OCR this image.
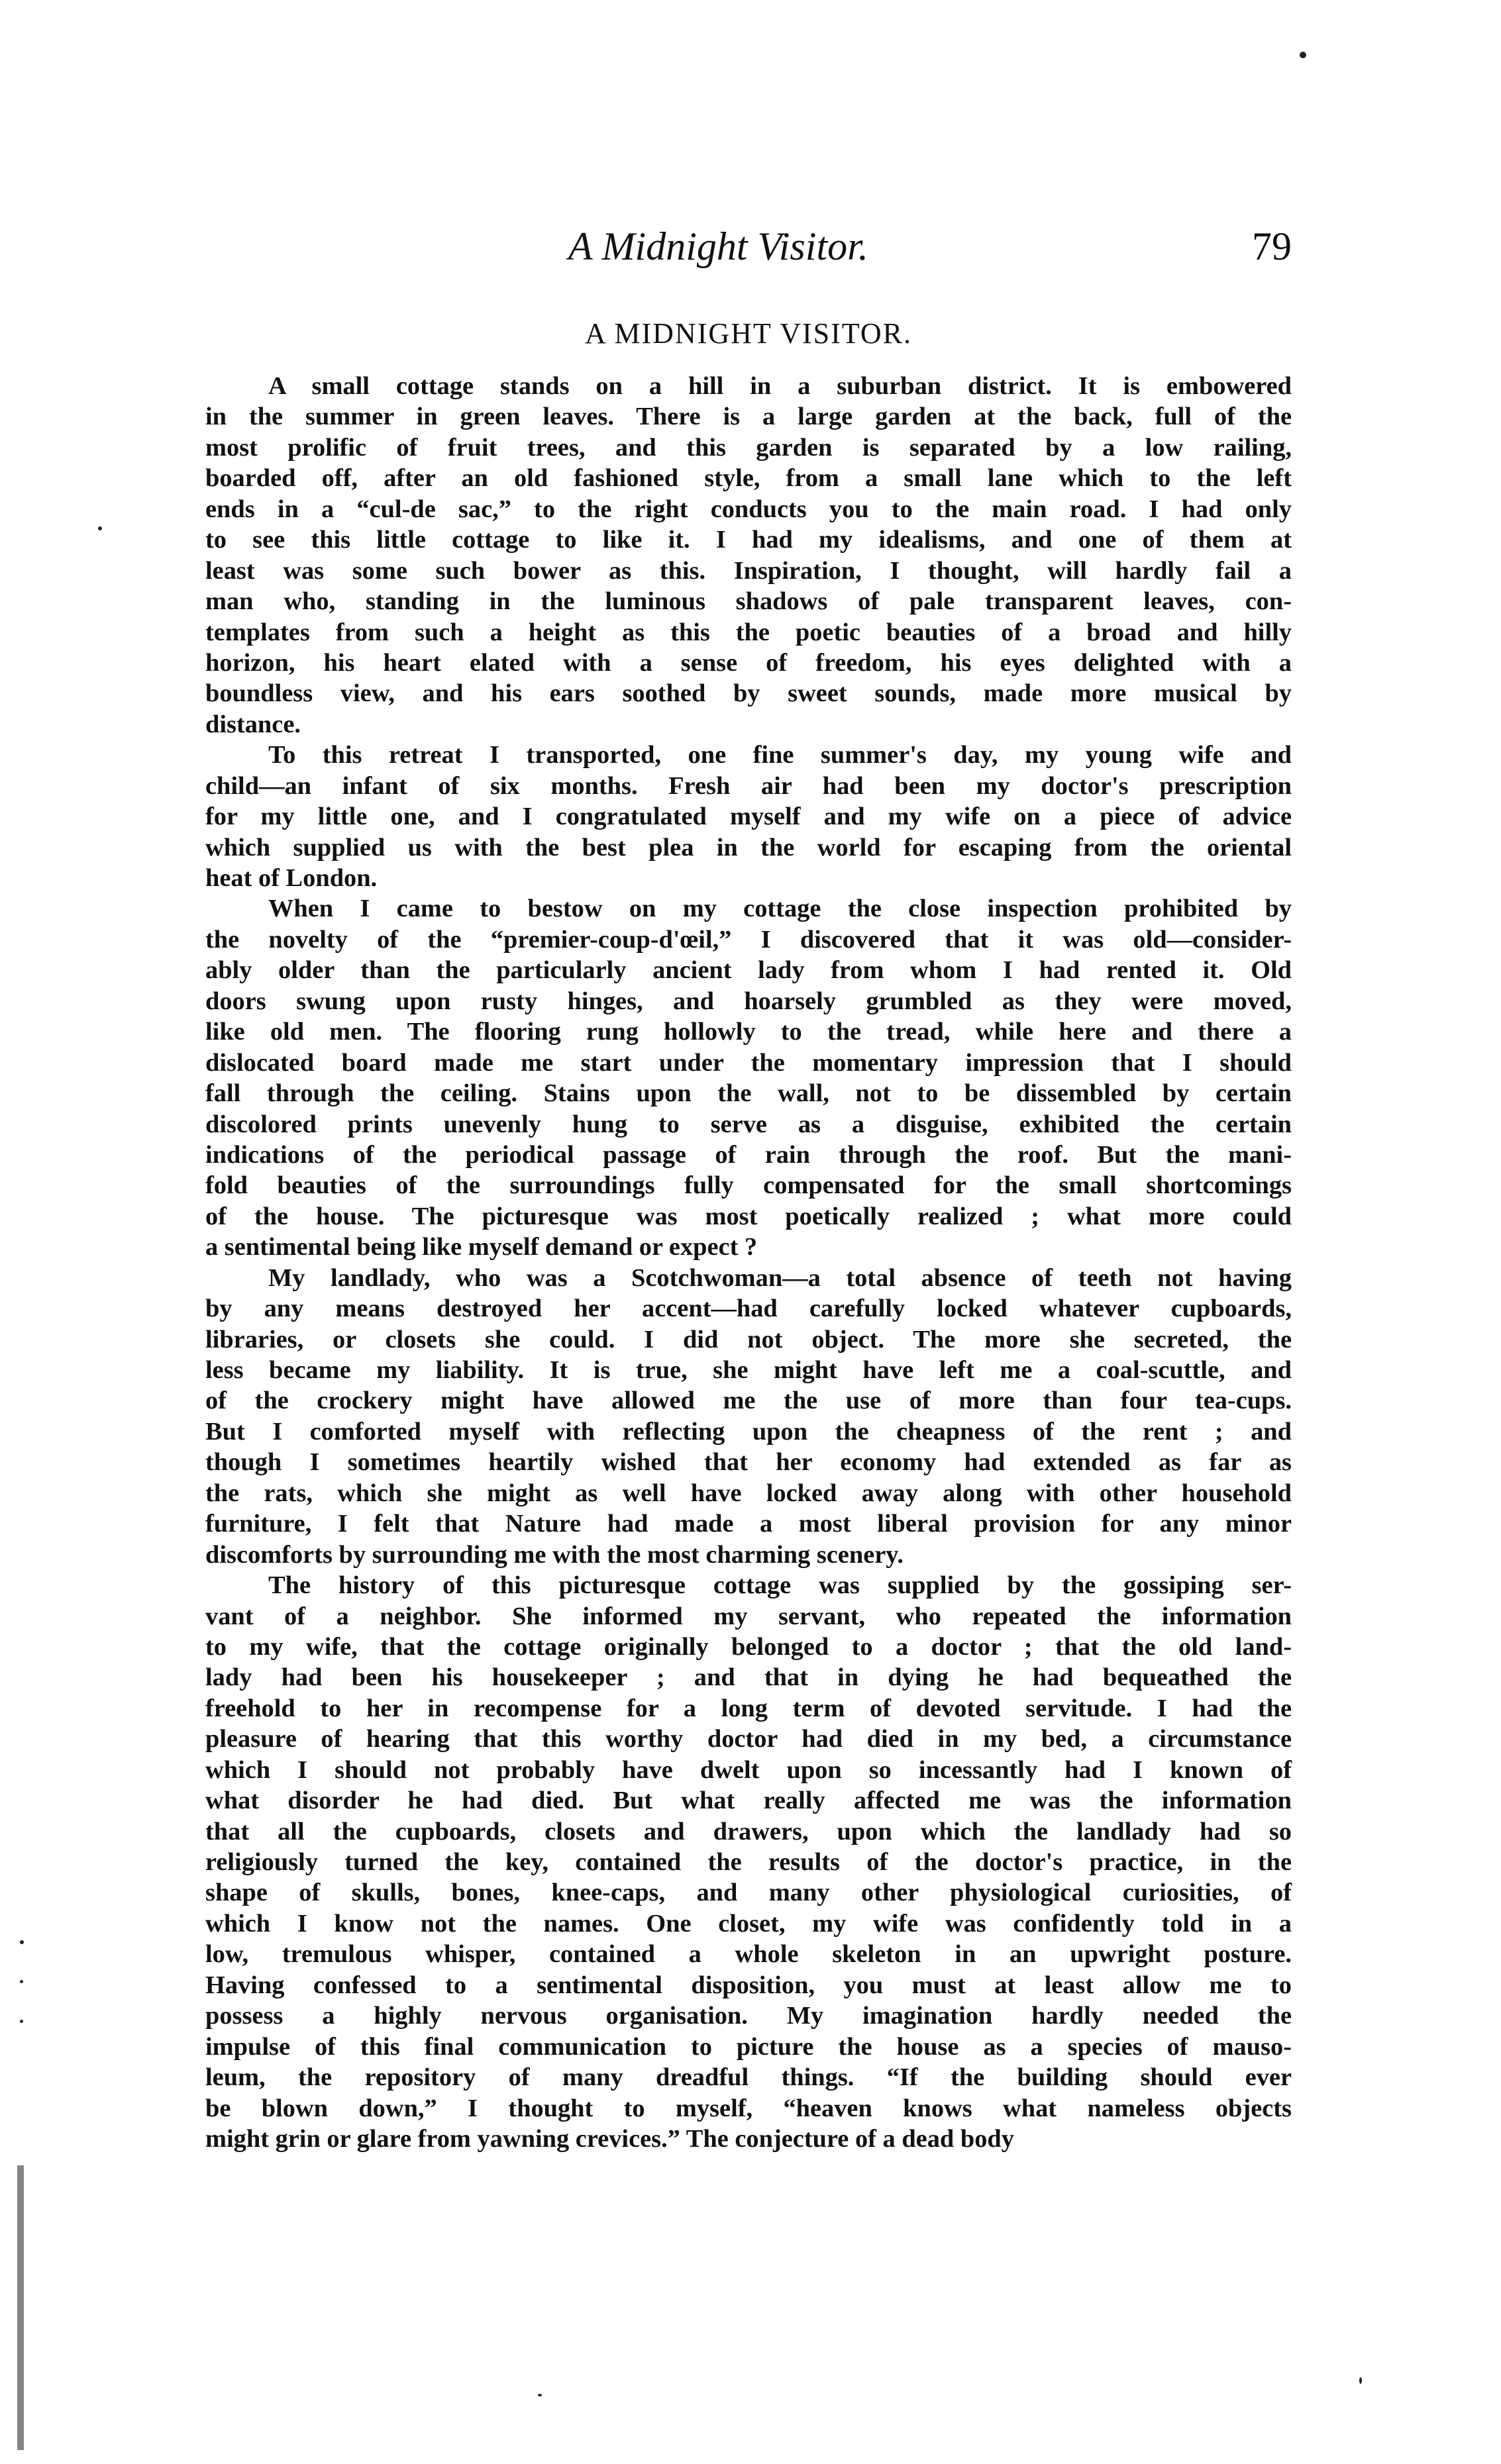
A Midnight Visitor.	79
A MIDNIGHT VISITOR.
A small cottage stands on a hill in a suburban district. It is embowered
in the summer in green leaves. There is a large garden at the back, full of the
most prolific of fruit trees, and this garden is separated by a low railing,
boarded off, after an old fashioned style, from a small lane which to the left
ends in a “cul-de sac,” to the right conducts you to the main road. I had only
to see this little cottage to like it. I had my idealisms, and one of them at
least was some such bower as this. Inspiration, I thought, will hardly fail a
man who, standing in the luminous shadows of pale transparent leaves, con-
templates from such a height as this the poetic beauties of a broad and hilly
horizon, his heart elated with a sense of freedom, his eyes delighted with a
boundless view, and his ears soothed by sweet sounds, made more musical by
distance.
To this retreat I transported, one fine summer's day, my young wife and
child—an infant of six months. Fresh air had been my doctor's prescription
for my little one, and I congratulated myself and my wife on a piece of advice
which supplied us with the best plea in the world for escaping from the oriental
heat of London.
When I came to bestow on my cottage the close inspection prohibited by
the novelty of the “premier-coup-d'œil,” I discovered that it was old—consider-
ably older than the particularly ancient lady from whom I had rented it. Old
doors swung upon rusty hinges, and hoarsely grumbled as they were moved,
like old men. The flooring rung hollowly to the tread, while here and there a
dislocated board made me start under the momentary impression that I should
fall through the ceiling. Stains upon the wall, not to be dissembled by certain
discolored prints unevenly hung to serve as a disguise, exhibited the certain
indications of the periodical passage of rain through the roof. But the mani-
fold beauties of the surroundings fully compensated for the small shortcomings
of the house. The picturesque was most poetically realized ; what more could
a sentimental being like myself demand or expect ?
My landlady, who was a Scotchwoman—a total absence of teeth not having
by any means destroyed her accent—had carefully locked whatever cupboards,
libraries, or closets she could. I did not object. The more she secreted, the
less became my liability. It is true, she might have left me a coal-scuttle, and
of the crockery might have allowed me the use of more than four tea-cups.
But I comforted myself with reflecting upon the cheapness of the rent ; and
though I sometimes heartily wished that her economy had extended as far as
the rats, which she might as well have locked away along with other household
furniture, I felt that Nature had made a most liberal provision for any minor
discomforts by surrounding me with the most charming scenery.
The history of this picturesque cottage was supplied by the gossiping ser-
vant of a neighbor. She informed my servant, who repeated the information
to my wife, that the cottage originally belonged to a doctor ; that the old land-
lady had been his housekeeper ; and that in dying he had bequeathed the
freehold to her in recompense for a long term of devoted servitude. I had the
pleasure of hearing that this worthy doctor had died in my bed, a circumstance
which I should not probably have dwelt upon so incessantly had I known of
what disorder he had died. But what really affected me was the information
that all the cupboards, closets and drawers, upon which the landlady had so
religiously turned the key, contained the results of the doctor's practice, in the
shape of skulls, bones, knee-caps, and many other physiological curiosities, of
which I know not the names. One closet, my wife was confidently told in a
low, tremulous whisper, contained a whole skeleton in an upwright posture.
Having confessed to a sentimental disposition, you must at least allow me to
possess a highly nervous organisation. My imagination hardly needed the
impulse of this final communication to picture the house as a species of mauso-
leum, the repository of many dreadful things. “If the building should ever
be blown down,” I thought to myself, “heaven knows what nameless objects
might grin or glare from yawning crevices.” The conjecture of a dead body
